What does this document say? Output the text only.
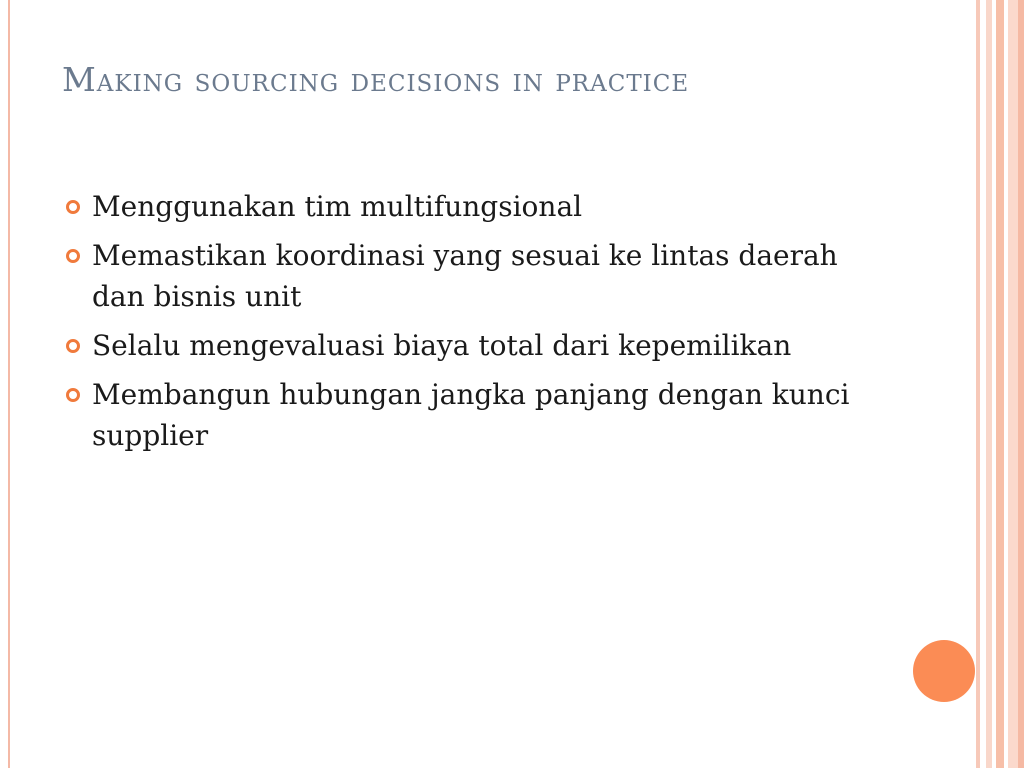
Making sourcing decisions in practice
Menggunakan tim multifungsional
Memastikan koordinasi yang sesuai ke lintas daerah dan bisnis unit
Selalu mengevaluasi biaya total dari kepemilikan
Membangun hubungan jangka panjang dengan kunci supplier
